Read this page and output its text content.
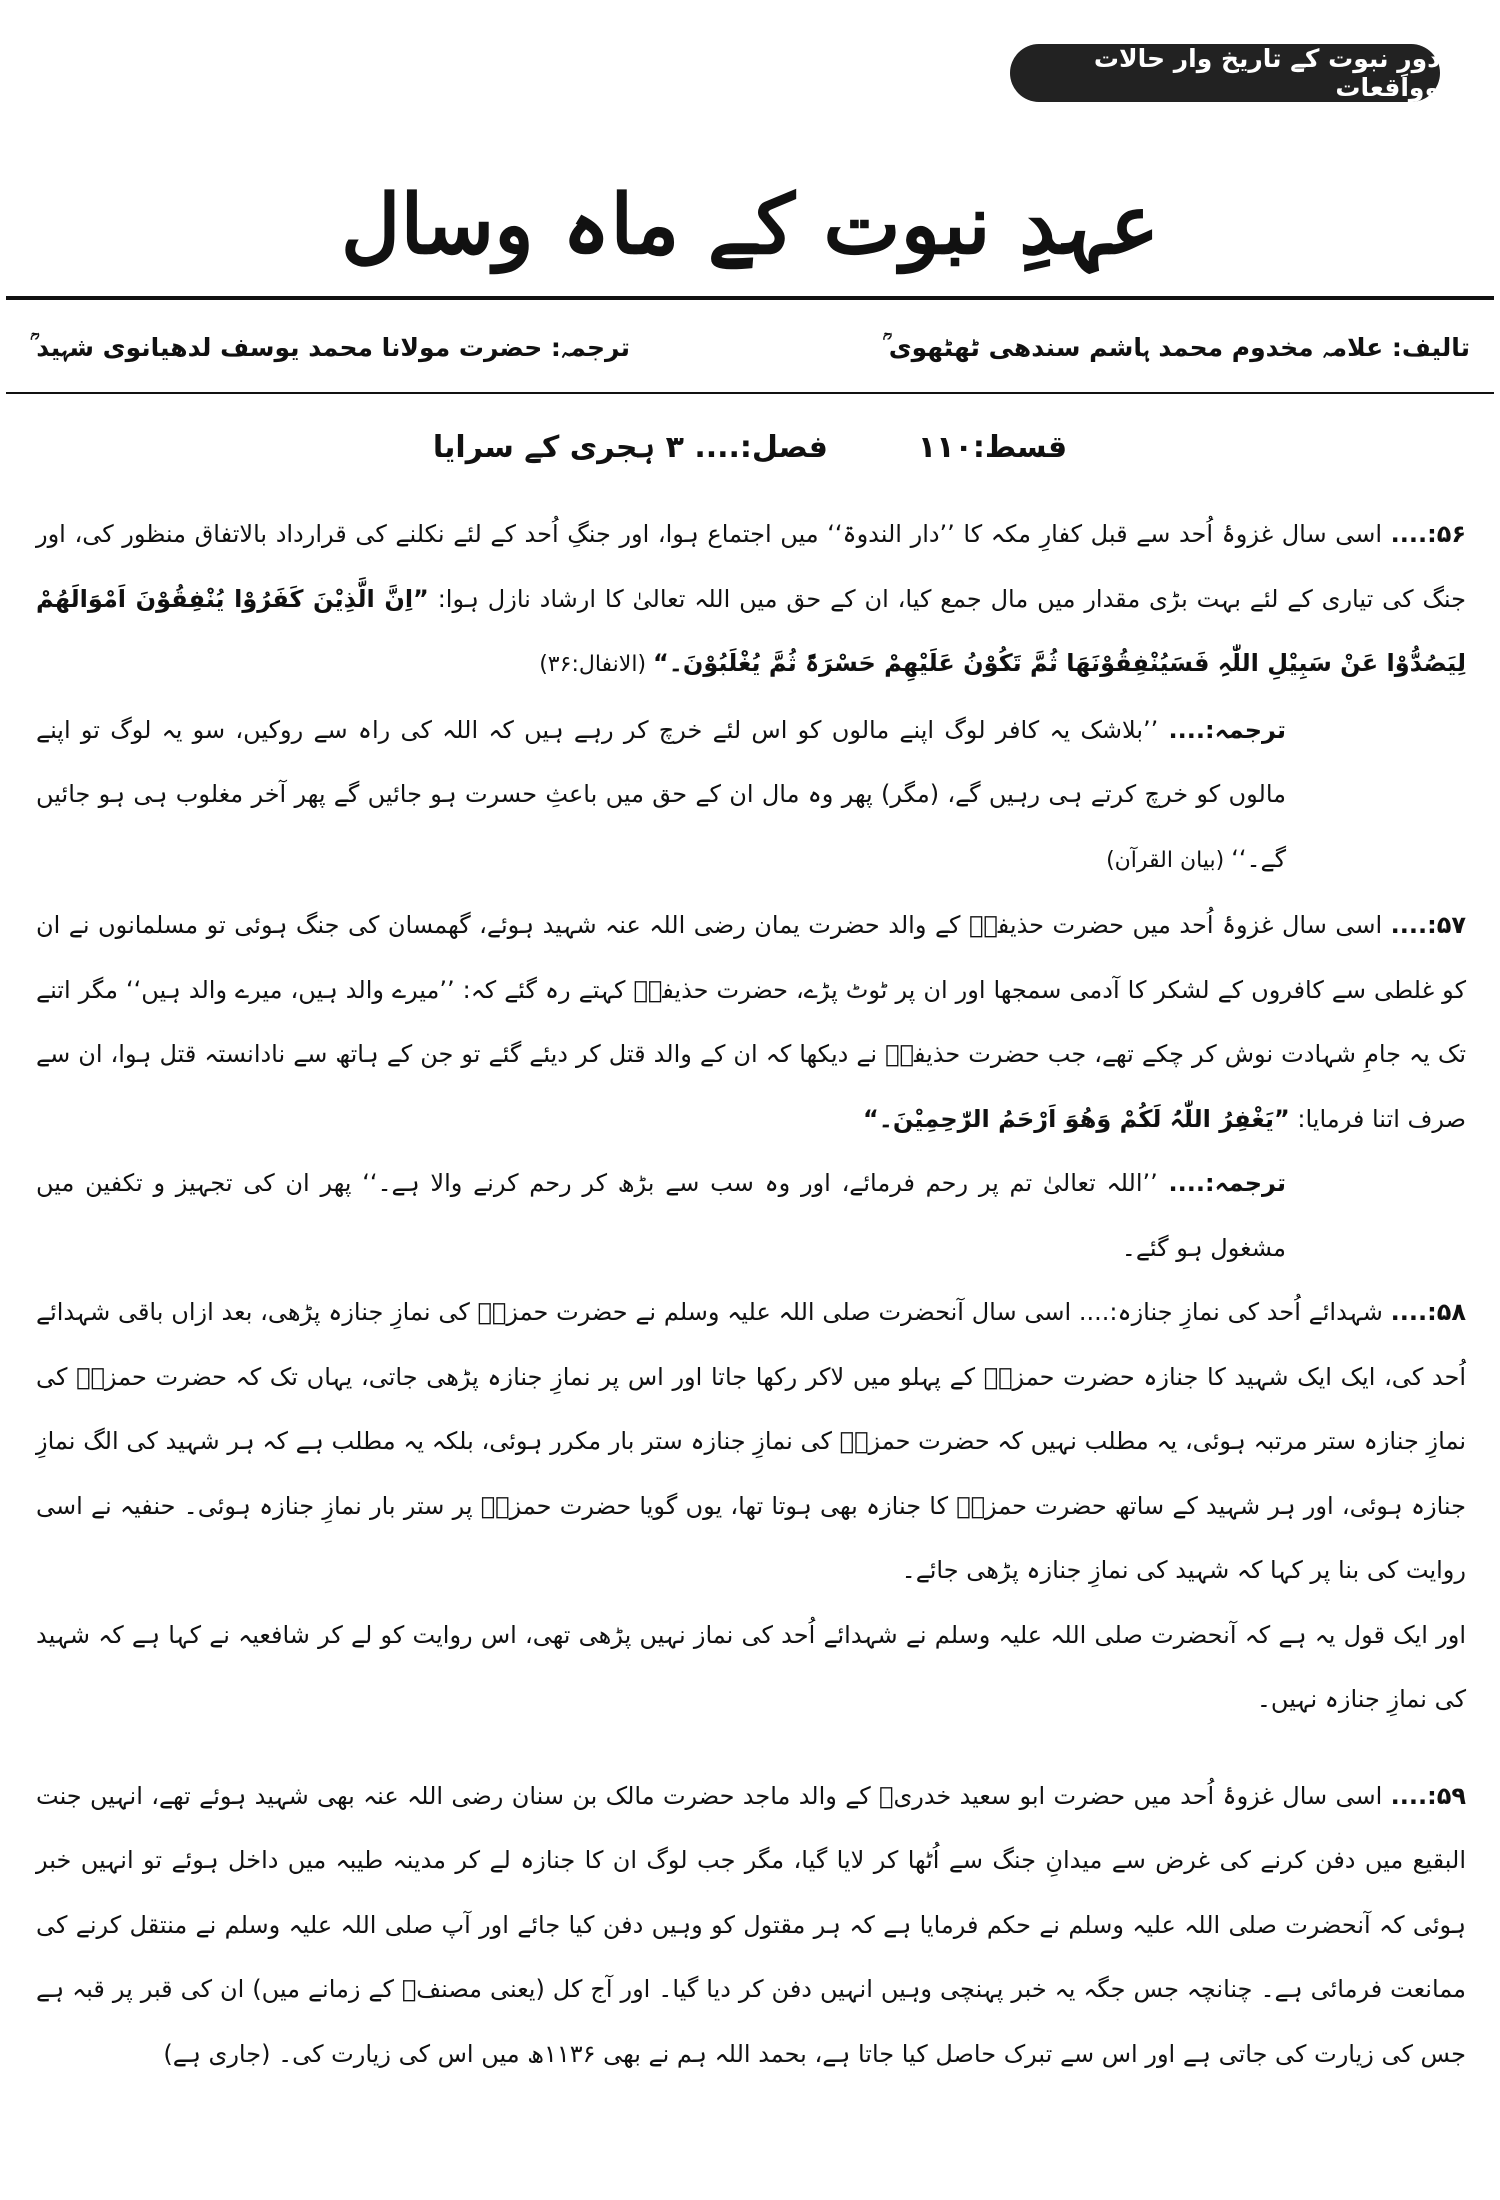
دورِ نبوت کے تاریخ وار حالات وواقعات
عہدِ نبوت کے ماہ وسال
تالیف: علامہ مخدوم محمد ہاشم سندھی ٹھٹھوی ؒ
ترجمہ: حضرت مولانا محمد یوسف لدھیانوی شہید ؒ
قسط:۱۱۰
فصل:.... ۳ ہجری کے سرایا

۵۶:.... اسی سال غزوۂ اُحد سے قبل کفارِ مکہ کا ’’دار الندوۃ‘‘ میں اجتماع ہوا، اور جنگِ اُحد کے لئے نکلنے کی قرارداد بالاتفاق منظور کی، اور جنگ کی تیاری کے لئے بہت بڑی مقدار میں مال جمع کیا، ان کے حق میں اللہ تعالیٰ کا ارشاد نازل ہوا: ”اِنَّ الَّذِیْنَ کَفَرُوْا یُنْفِقُوْنَ اَمْوَالَھُمْ لِیَصُدُّوْا عَنْ سَبِیْلِ اللّٰہِ فَسَیُنْفِقُوْنَھَا ثُمَّ تَکُوْنُ عَلَیْھِمْ حَسْرَۃً ثُمَّ یُغْلَبُوْنَ۔“ (الانفال:۳۶)

ترجمہ:.... ’’بلاشک یہ کافر لوگ اپنے مالوں کو اس لئے خرچ کر رہے ہیں کہ اللہ کی راہ سے روکیں، سو یہ لوگ تو اپنے مالوں کو خرچ کرتے ہی رہیں گے، (مگر) پھر وہ مال ان کے حق میں باعثِ حسرت ہو جائیں گے پھر آخر مغلوب ہی ہو جائیں گے۔‘‘ (بیان القرآن)

۵۷:.... اسی سال غزوۂ اُحد میں حضرت حذیفہؓ کے والد حضرت یمان رضی اللہ عنہ شہید ہوئے، گھمسان کی جنگ ہوئی تو مسلمانوں نے ان کو غلطی سے کافروں کے لشکر کا آدمی سمجھا اور ان پر ٹوٹ پڑے، حضرت حذیفہؓ کہتے رہ گئے کہ: ’’میرے والد ہیں، میرے والد ہیں‘‘ مگر اتنے تک یہ جامِ شہادت نوش کر چکے تھے، جب حضرت حذیفہؓ نے دیکھا کہ ان کے والد قتل کر دیئے گئے تو جن کے ہاتھ سے نادانستہ قتل ہوا، ان سے صرف اتنا فرمایا: ”یَغْفِرُ اللّٰہُ لَکُمْ وَھُوَ اَرْحَمُ الرّٰحِمِیْنَ۔“

ترجمہ:.... ’’اللہ تعالیٰ تم پر رحم فرمائے، اور وہ سب سے بڑھ کر رحم کرنے والا ہے۔‘‘ پھر ان کی تجہیز و تکفین میں مشغول ہو گئے۔

۵۸:.... شہدائے اُحد کی نمازِ جنازہ:.... اسی سال آنحضرت صلی اللہ علیہ وسلم نے حضرت حمزہؓ کی نمازِ جنازہ پڑھی، بعد ازاں باقی شہدائے اُحد کی، ایک ایک شہید کا جنازہ حضرت حمزہؓ کے پہلو میں لاکر رکھا جاتا اور اس پر نمازِ جنازہ پڑھی جاتی، یہاں تک کہ حضرت حمزہؓ کی نمازِ جنازہ ستر مرتبہ ہوئی، یہ مطلب نہیں کہ حضرت حمزہؓ کی نمازِ جنازہ ستر بار مکرر ہوئی، بلکہ یہ مطلب ہے کہ ہر شہید کی الگ نمازِ جنازہ ہوئی، اور ہر شہید کے ساتھ حضرت حمزہؓ کا جنازہ بھی ہوتا تھا، یوں گویا حضرت حمزہؓ پر ستر بار نمازِ جنازہ ہوئی۔ حنفیہ نے اسی روایت کی بنا پر کہا کہ شہید کی نمازِ جنازہ پڑھی جائے۔

اور ایک قول یہ ہے کہ آنحضرت صلی اللہ علیہ وسلم نے شہدائے اُحد کی نماز نہیں پڑھی تھی، اس روایت کو لے کر شافعیہ نے کہا ہے کہ شہید کی نمازِ جنازہ نہیں۔

۵۹:.... اسی سال غزوۂ اُحد میں حضرت ابو سعید خدریؓ کے والد ماجد حضرت مالک بن سنان رضی اللہ عنہ بھی شہید ہوئے تھے، انہیں جنت البقیع میں دفن کرنے کی غرض سے میدانِ جنگ سے اُٹھا کر لایا گیا، مگر جب لوگ ان کا جنازہ لے کر مدینہ طیبہ میں داخل ہوئے تو انہیں خبر ہوئی کہ آنحضرت صلی اللہ علیہ وسلم نے حکم فرمایا ہے کہ ہر مقتول کو وہیں دفن کیا جائے اور آپ صلی اللہ علیہ وسلم نے منتقل کرنے کی ممانعت فرمائی ہے۔ چنانچہ جس جگہ یہ خبر پہنچی وہیں انہیں دفن کر دیا گیا۔ اور آج کل (یعنی مصنفؒ کے زمانے میں) ان کی قبر پر قبہ ہے جس کی زیارت کی جاتی ہے اور اس سے تبرک حاصل کیا جاتا ہے، بحمد اللہ ہم نے بھی ۱۱۳۶ھ میں اس کی زیارت کی۔ (جاری ہے)
